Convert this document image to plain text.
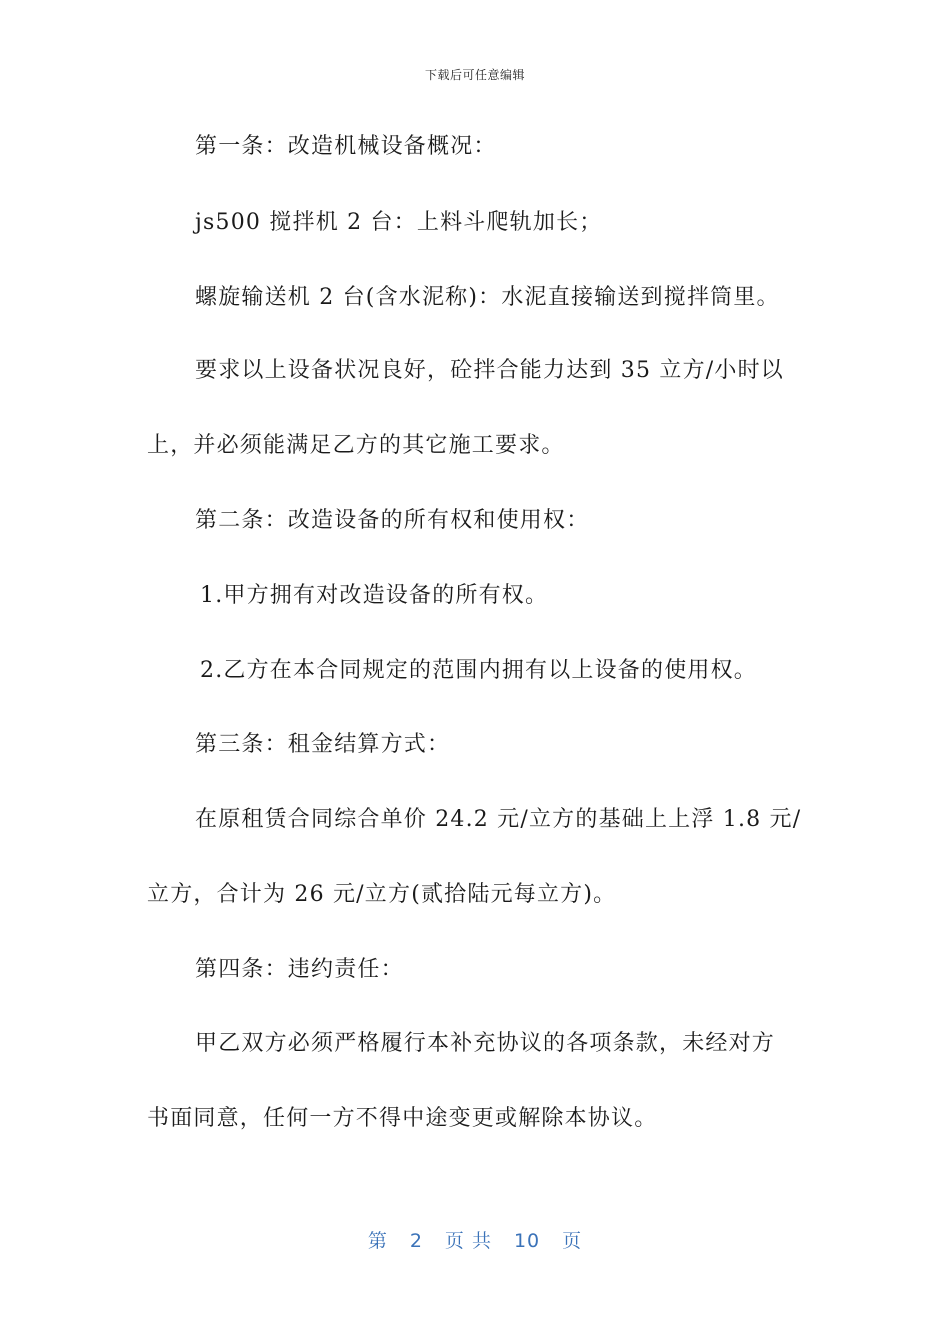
下载后可任意编辑
第一条：改造机械设备概况：
js500 搅拌机 2 台：上料斗爬轨加长；
螺旋输送机 2 台(含水泥称)：水泥直接输送到搅拌筒里。
要求以上设备状况良好，砼拌合能力达到 35 立方/小时以
上，并必须能满足乙方的其它施工要求。
第二条：改造设备的所有权和使用权：
1.甲方拥有对改造设备的所有权。
2.乙方在本合同规定的范围内拥有以上设备的使用权。
第三条：租金结算方式：
在原租赁合同综合单价 24.2 元/立方的基础上上浮 1.8 元/
立方，合计为 26 元/立方(贰拾陆元每立方)。
第四条：违约责任：
甲乙双方必须严格履行本补充协议的各项条款，未经对方
书面同意，任何一方不得中途变更或解除本协议。
第 2 页 共 10 页
